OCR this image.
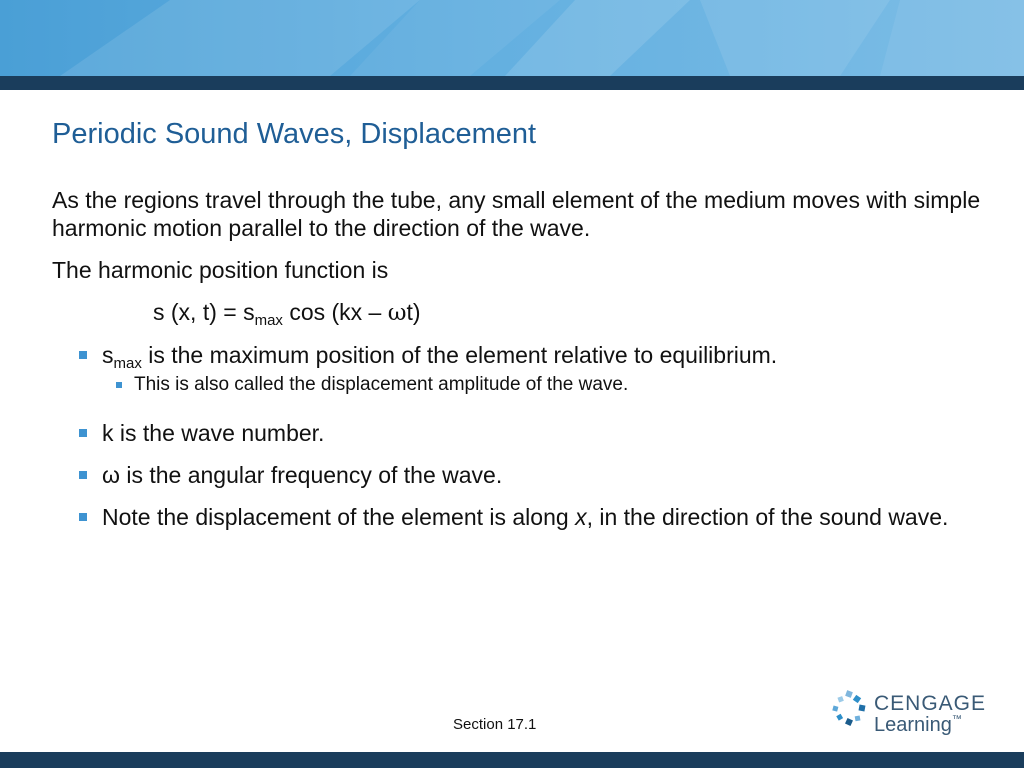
Periodic Sound Waves, Displacement

As the regions travel through the tube, any small element of the medium moves with simple harmonic motion parallel to the direction of the wave.

The harmonic position function is

s (x, $t) = s_{max}$ cos (kx – ωt)

$s_{max}$ is the maximum position of the element relative to equilibrium.
This is also called the displacement amplitude of the wave.
k is the wave number.
ω is the angular frequency of the wave.
Note the displacement of the element is along x, in the direction of the sound wave.
Section 17.1
CENGAGE
Learning™
